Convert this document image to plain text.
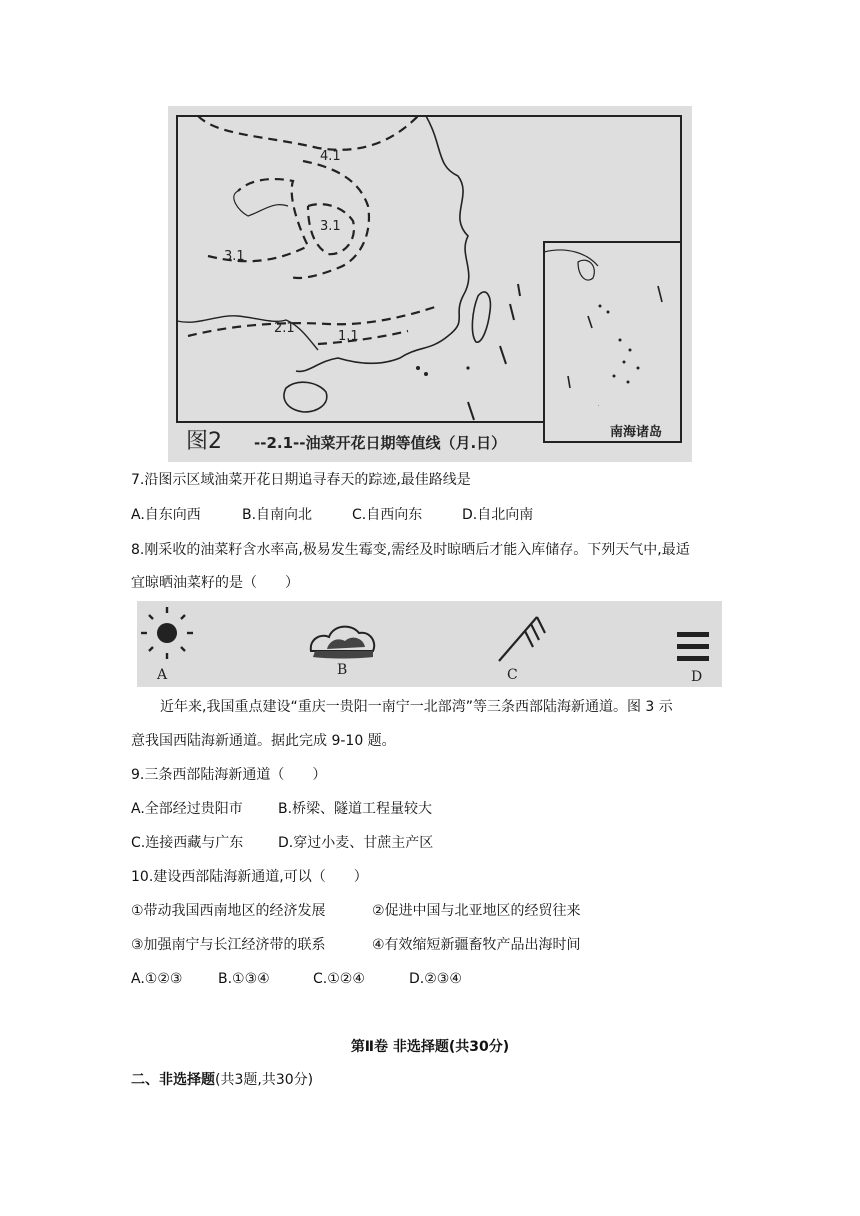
4.1
3.1
3.1
2.1
1.1
南海诸岛
图2 --2.1--油菜开花日期等值线（月.日）
7.沿图示区域油菜开花日期追寻春天的踪迹,最佳路线是
A.自东向西	B.自南向北	C.自西向东	D.自北向南
8.刚采收的油菜籽含水率高,极易发生霉变,需经及时晾晒后才能入库储存。下列天气中,最适
宜晾晒油菜籽的是（　　）
A	B	C	D
近年来,我国重点建设“重庆一贵阳一南宁一北部湾”等三条西部陆海新通道。图 3 示
意我国西陆海新通道。据此完成 9-10 题。
9.三条西部陆海新通道（　　）
A.全部经过贵阳市	B.桥梁、隧道工程量较大
C.连接西藏与广东 D.穿过小麦、甘蔗主产区
10.建设西部陆海新通道,可以（　　）
①带动我国西南地区的经济发展	②促进中国与北亚地区的经贸往来
③加强南宁与长江经济带的联系	④有效缩短新疆畜牧产品出海时间
A.①②③	B.①③④	C.①②④	D.②③④
第Ⅱ卷 非选择题(共30分)
二、非选择题(共3题,共30分)
